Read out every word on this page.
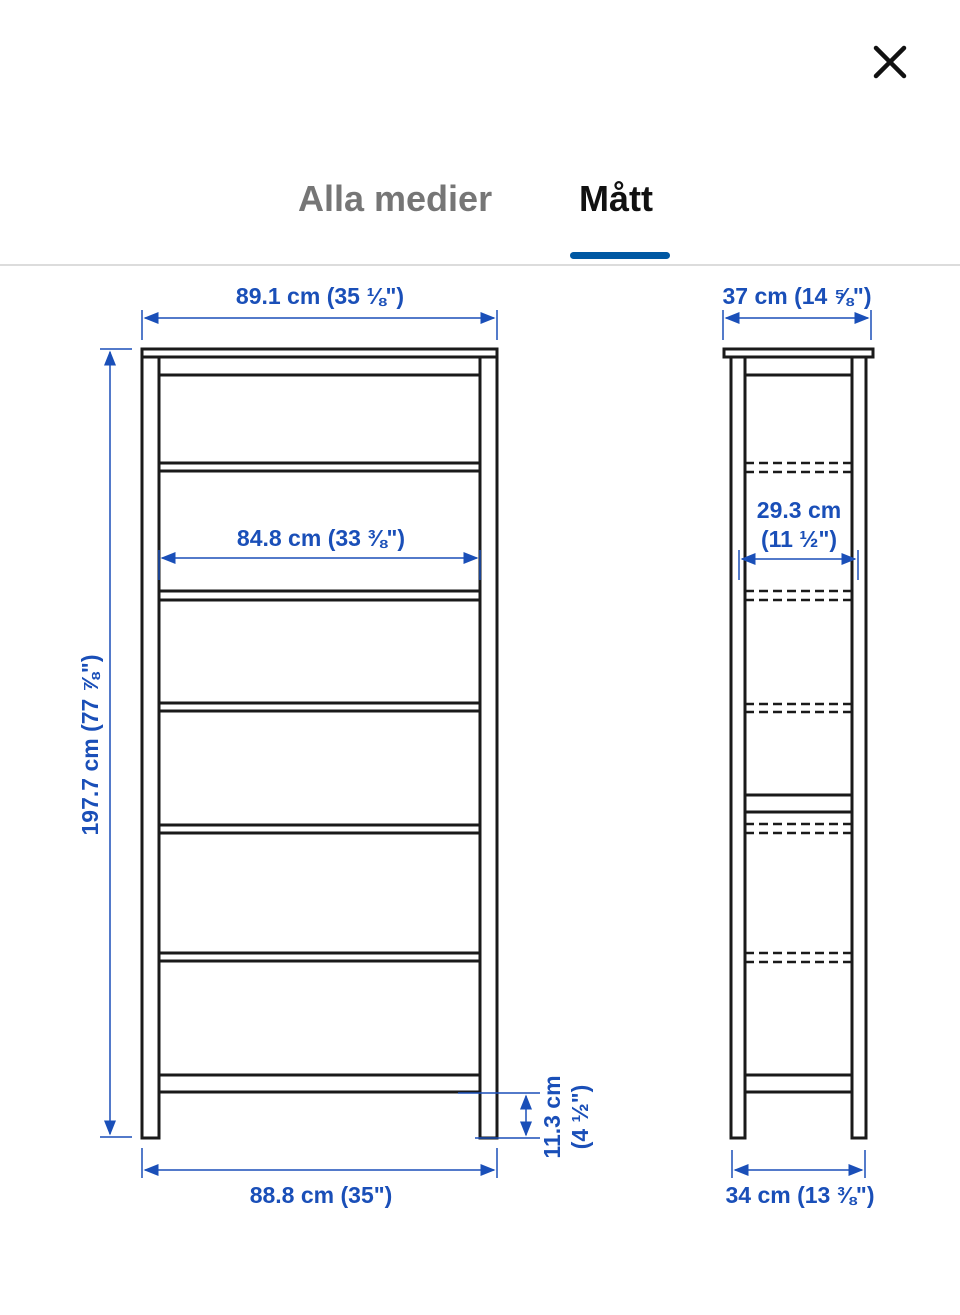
Alla medier Mått
89.1 cm (35 ⅛")
84.8 cm (33 ⅜")
197.7 cm (77 ⅞")
88.8 cm (35")
11.3 cm (4 ½")
37 cm (14 ⅝")
29.3 cm
(11 ½")
34 cm (13 ⅜")
